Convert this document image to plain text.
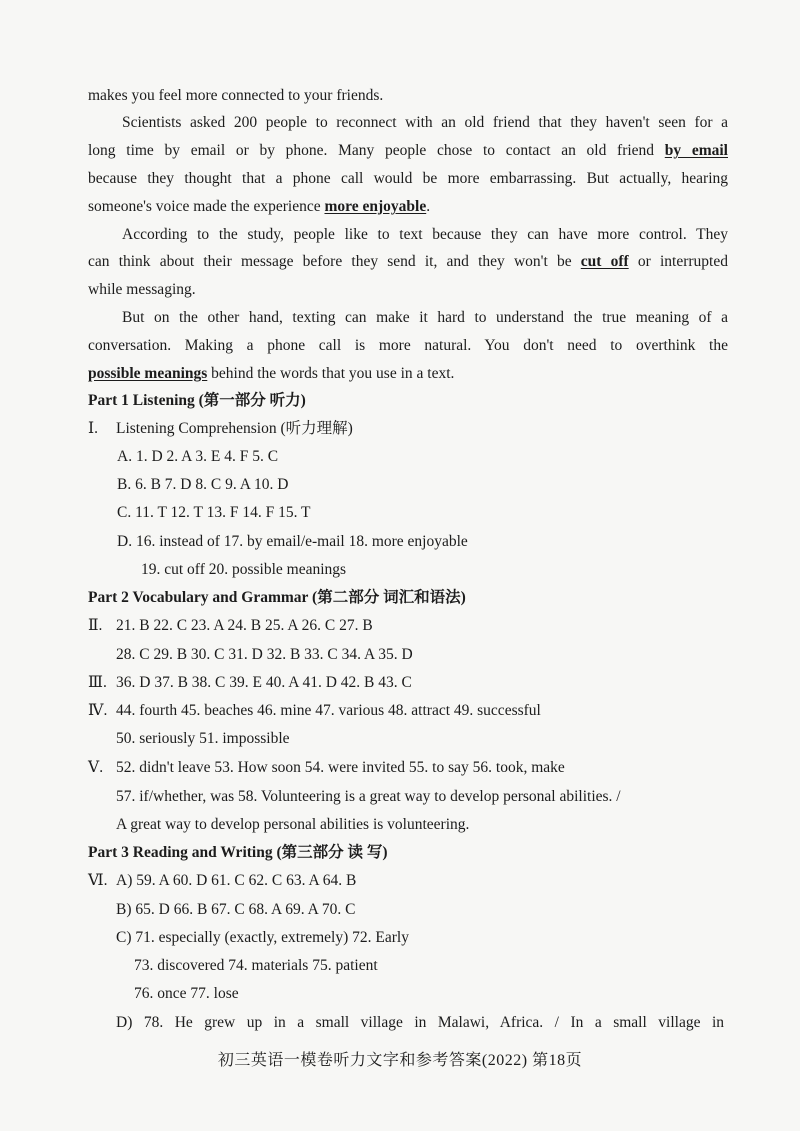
makes you feel more connected to your friends.
Scientists asked 200 people to reconnect with an old friend that they haven't seen for a
long time by email or by phone. Many people chose to contact an old friend by email
because they thought that a phone call would be more embarrassing. But actually, hearing
someone's voice made the experience more enjoyable.
According to the study, people like to text because they can have more control. They
can think about their message before they send it, and they won't be cut off or interrupted
while messaging.
But on the other hand, texting can make it hard to understand the true meaning of a
conversation. Making a phone call is more natural. You don't need to overthink the
possible meanings behind the words that you use in a text.
Part 1 Listening (第一部分 听力)
Ⅰ. Listening Comprehension (听力理解)
A. 1. D 2. A 3. E 4. F 5. C
B. 6. B 7. D 8. C 9. A 10. D
C. 11. T 12. T 13. F 14. F 15. T
D. 16. instead of 17. by email/e-mail 18. more enjoyable
19. cut off 20. possible meanings
Part 2 Vocabulary and Grammar (第二部分 词汇和语法)
Ⅱ. 21. B 22. C 23. A 24. B 25. A 26. C 27. B
28. C 29. B 30. C 31. D 32. B 33. C 34. A 35. D
Ⅲ. 36. D 37. B 38. C 39. E 40. A 41. D 42. B 43. C
Ⅳ. 44. fourth 45. beaches 46. mine 47. various 48. attract 49. successful
50. seriously 51. impossible
Ⅴ. 52. didn't leave 53. How soon 54. were invited 55. to say 56. took, make
57. if/whether, was 58. Volunteering is a great way to develop personal abilities. /
A great way to develop personal abilities is volunteering.
Part 3 Reading and Writing (第三部分 读 写)
Ⅵ. A) 59. A 60. D 61. C 62. C 63. A 64. B
B) 65. D 66. B 67. C 68. A 69. A 70. C
C) 71. especially (exactly, extremely) 72. Early
73. discovered 74. materials 75. patient
76. once 77. lose
D) 78. He grew up in a small village in Malawi, Africa. / In a small village in
初三英语一模卷听力文字和参考答案(2022) 第18页
